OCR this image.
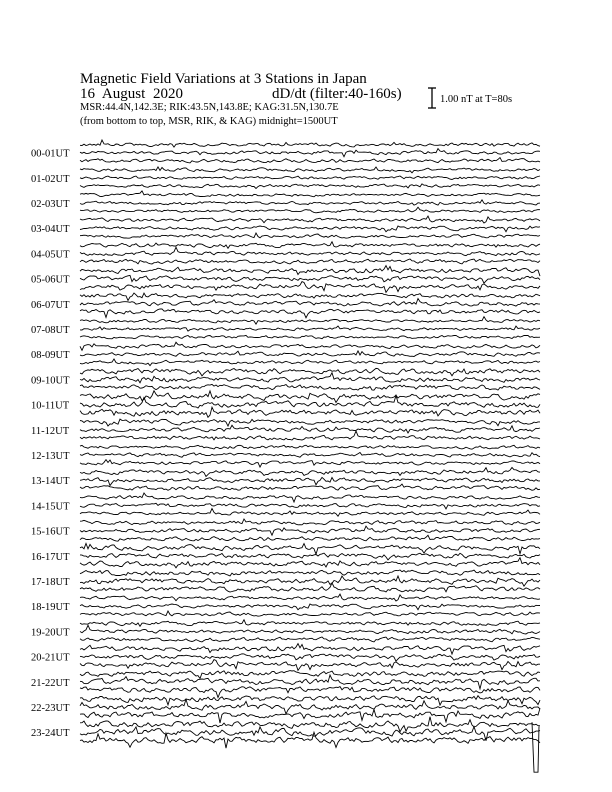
Magnetic Field Variations at 3 Stations in Japan
16 August 2020	dD/dt (filter:40-160s)
MSR:44.4N,142.3E; RIK:43.5N,143.8E; KAG:31.5N,130.7E
(from bottom to top, MSR, RIK, & KAG) midnight=1500UT
1.00 nT at T=80s
00-01UT
01-02UT
02-03UT
03-04UT
04-05UT
05-06UT
06-07UT
07-08UT
08-09UT
09-10UT
10-11UT
11-12UT
12-13UT
13-14UT
14-15UT
15-16UT
16-17UT
17-18UT
18-19UT
19-20UT
20-21UT
21-22UT
22-23UT
23-24UT
